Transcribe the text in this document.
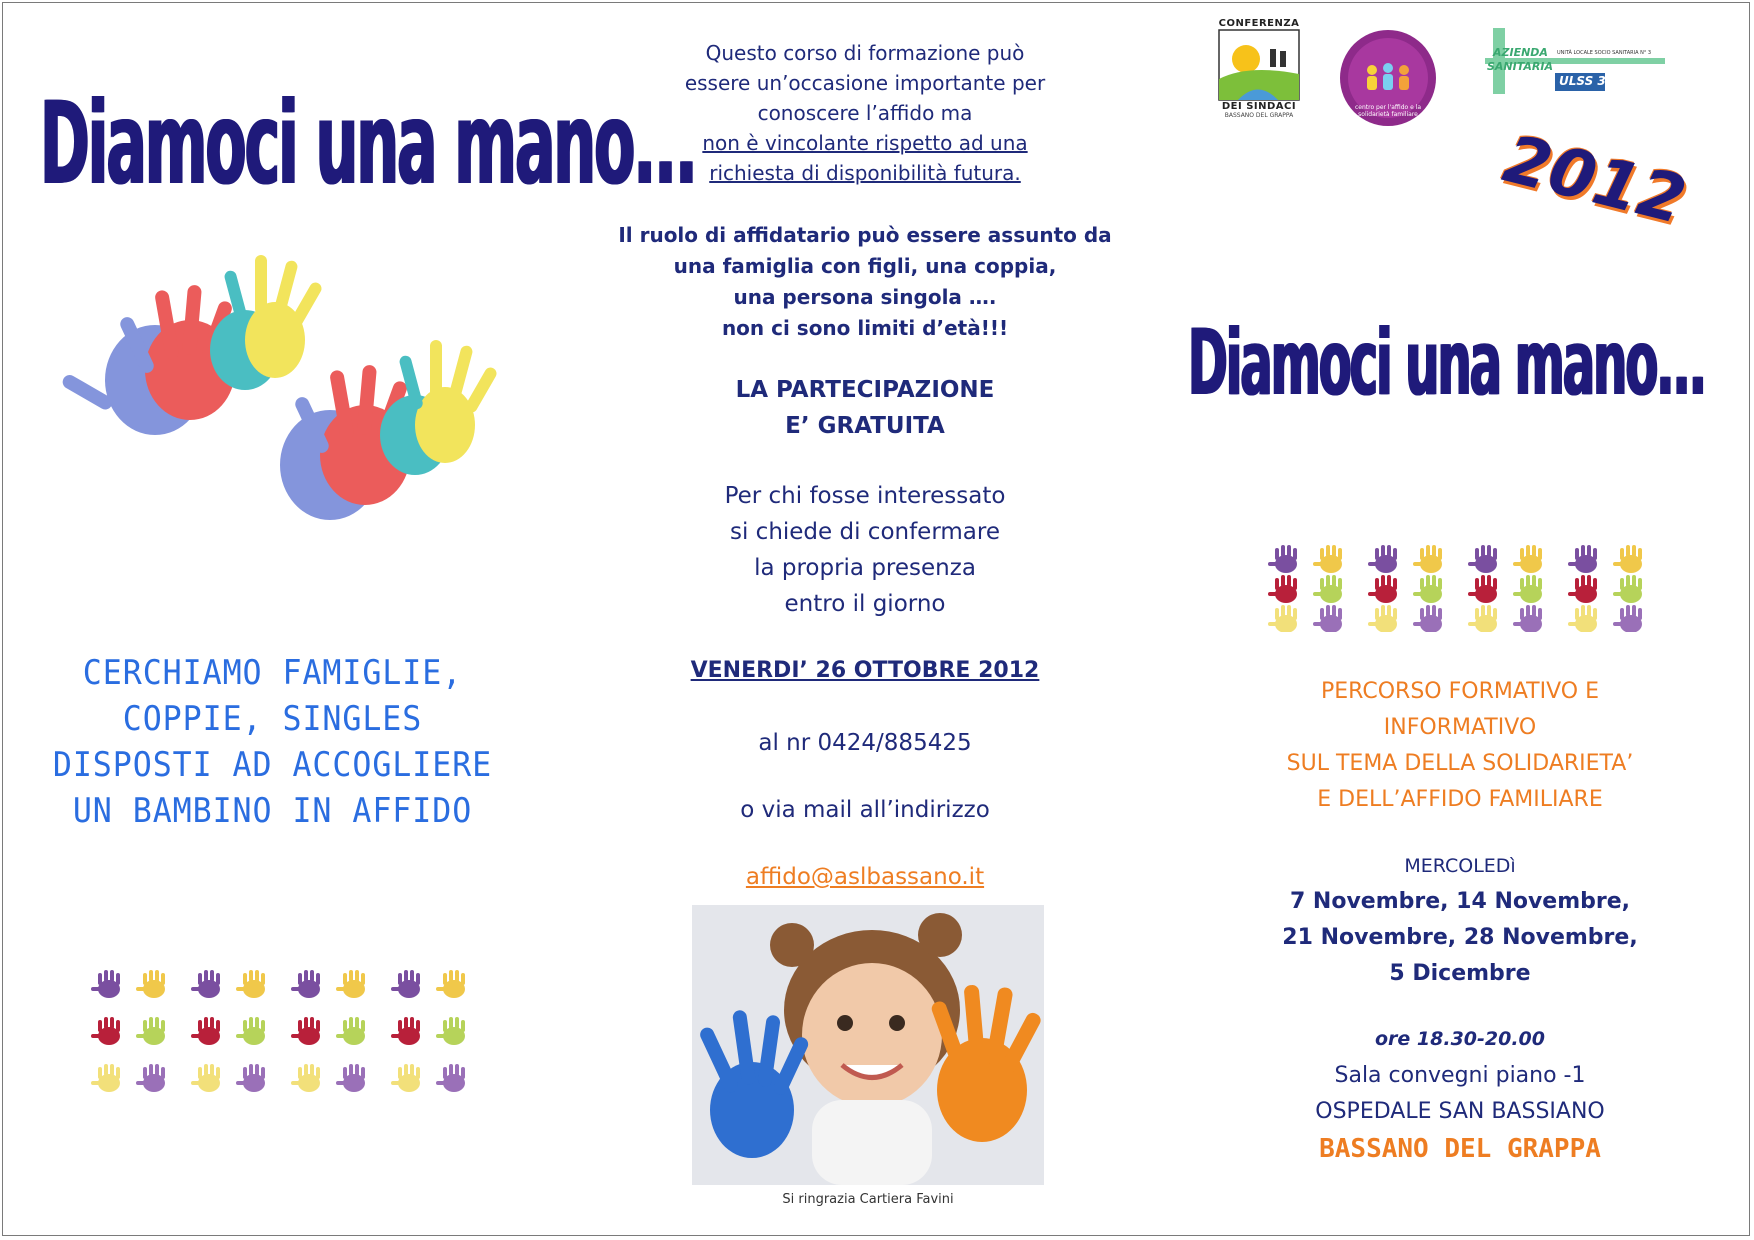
Diamoci una mano...
CERCHIAMO FAMIGLIE,
COPPIE, SINGLES
DISPOSTI AD ACCOGLIERE
UN BAMBINO IN AFFIDO
Questo corso di formazione può
essere un’occasione importante per
conoscere l’affido ma
non è vincolante rispetto ad una
richiesta di disponibilità futura.
Il ruolo di affidatario può essere assunto da
una famiglia con figli, una coppia,
una persona singola ….
non ci sono limiti d’età!!!
LA PARTECIPAZIONE
E’ GRATUITA
Per chi fosse interessato
si chiede di confermare
la propria presenza
entro il giorno
VENERDI’ 26 OTTOBRE 2012
al nr 0424/885425
o via mail all’indirizzo
affido@aslbassano.it
Si ringrazia Cartiera Favini
CONFERENZA
DEI SINDACI
BASSANO DEL GRAPPA
centro per l'affido e la solidarietà familiare
AZIENDA
SANITARIA
UNITÀ LOCALE SOCIO SANITARIA N° 3
ULSS 3
2012
Diamoci una mano...
PERCORSO FORMATIVO E
INFORMATIVO
SUL TEMA DELLA SOLIDARIETA’
E DELL’AFFIDO FAMILIARE
MERCOLEDì
7 Novembre, 14 Novembre,
21 Novembre, 28 Novembre,
5 Dicembre
ore 18.30-20.00
Sala convegni piano -1
OSPEDALE SAN BASSIANO
BASSANO DEL GRAPPA
